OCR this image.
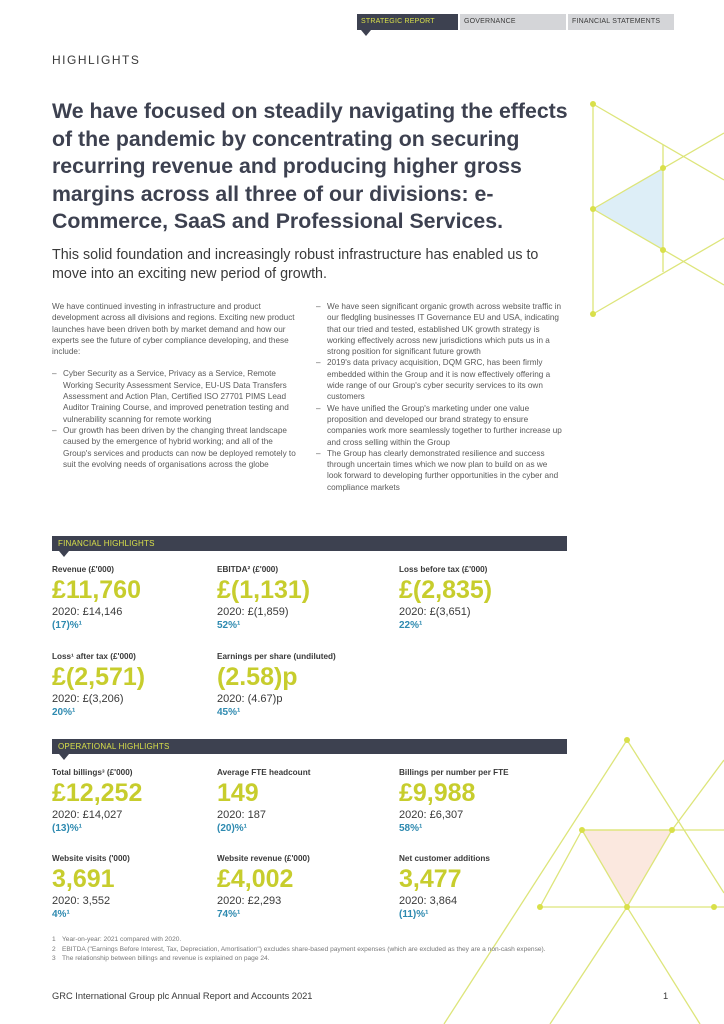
STRATEGIC REPORT	GOVERNANCE	FINANCIAL STATEMENTS
HIGHLIGHTS
We have focused on steadily navigating the effects of the pandemic by concentrating on securing recurring revenue and producing higher gross margins across all three of our divisions: e-Commerce, SaaS and Professional Services.

This solid foundation and increasingly robust infrastructure has enabled us to move into an exciting new period of growth.

We have continued investing in infrastructure and product development across all divisions and regions. Exciting new product launches have been driven both by market demand and how our experts see the future of cyber compliance developing, and these include:

– Cyber Security as a Service, Privacy as a Service, Remote Working Security Assessment Service, EU-US Data Transfers Assessment and Action Plan, Certified ISO 27701 PIMS Lead Auditor Training Course, and improved penetration testing and vulnerability scanning for remote working
– Our growth has been driven by the changing threat landscape caused by the emergence of hybrid working; and all of the Group's services and products can now be deployed remotely to suit the evolving needs of organisations across the globe
– We have seen significant organic growth across website traffic in our fledgling businesses IT Governance EU and USA, indicating that our tried and tested, established UK growth strategy is working effectively across new jurisdictions which puts us in a strong position for significant future growth
– 2019's data privacy acquisition, DQM GRC, has been firmly embedded within the Group and it is now effectively offering a wide range of our Group's cyber security services to its own customers
– We have unified the Group's marketing under one value proposition and developed our brand strategy to ensure companies work more seamlessly together to further increase up and cross selling within the Group
– The Group has clearly demonstrated resilience and success through uncertain times which we now plan to build on as we look forward to developing further opportunities in the cyber and compliance markets
FINANCIAL HIGHLIGHTS
Revenue (£'000)
£11,760
2020: £14,146
(17)%¹
EBITDA² (£'000)
£(1,131)
2020: £(1,859)
52%¹
Loss before tax (£'000)
£(2,835)
2020: £(3,651)
22%¹
Loss¹ after tax (£'000)
£(2,571)
2020: £(3,206)
20%¹
Earnings per share (undiluted)
(2.58)p
2020: (4.67)p
45%¹
OPERATIONAL HIGHLIGHTS
Total billings³ (£'000)
£12,252
2020: £14,027
(13)%¹
Average FTE headcount
149
2020: 187
(20)%¹
Billings per number per FTE
£9,988
2020: £6,307
58%¹
Website visits ('000)
3,691
2020: 3,552
4%¹
Website revenue (£'000)
£4,002
2020: £2,293
74%¹
Net customer additions
3,477
2020: 3,864
(11)%¹
1 Year-on-year: 2021 compared with 2020.
2 EBITDA ("Earnings Before Interest, Tax, Depreciation, Amortisation") excludes share-based payment expenses (which are excluded as they are a non-cash expense).
3 The relationship between billings and revenue is explained on page 24.
GRC International Group plc Annual Report and Accounts 2021	1
